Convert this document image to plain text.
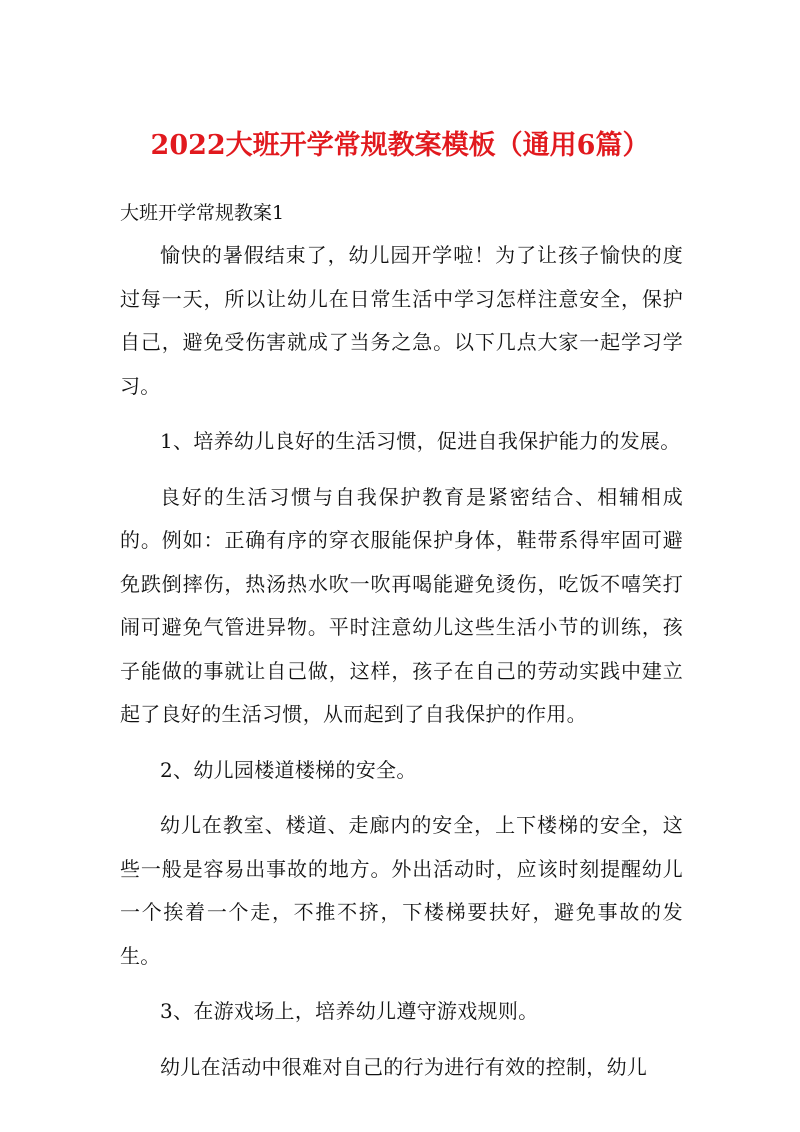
2022大班开学常规教案模板（通用6篇）

大班开学常规教案1

愉快的暑假结束了，幼儿园开学啦！为了让孩子愉快的度过每一天，所以让幼儿在日常生活中学习怎样注意安全，保护自己，避免受伤害就成了当务之急。以下几点大家一起学习学习。

1、培养幼儿良好的生活习惯，促进自我保护能力的发展。

良好的生活习惯与自我保护教育是紧密结合、相辅相成的。例如：正确有序的穿衣服能保护身体，鞋带系得牢固可避免跌倒摔伤，热汤热水吹一吹再喝能避免烫伤，吃饭不嘻笑打闹可避免气管进异物。平时注意幼儿这些生活小节的训练，孩子能做的事就让自己做，这样，孩子在自己的劳动实践中建立起了良好的生活习惯，从而起到了自我保护的作用。

2、幼儿园楼道楼梯的安全。

幼儿在教室、楼道、走廊内的安全，上下楼梯的安全，这些一般是容易出事故的地方。外出活动时，应该时刻提醒幼儿一个挨着一个走，不推不挤，下楼梯要扶好，避免事故的发生。

3、在游戏场上，培养幼儿遵守游戏规则。

幼儿在活动中很难对自己的行为进行有效的控制，幼儿
